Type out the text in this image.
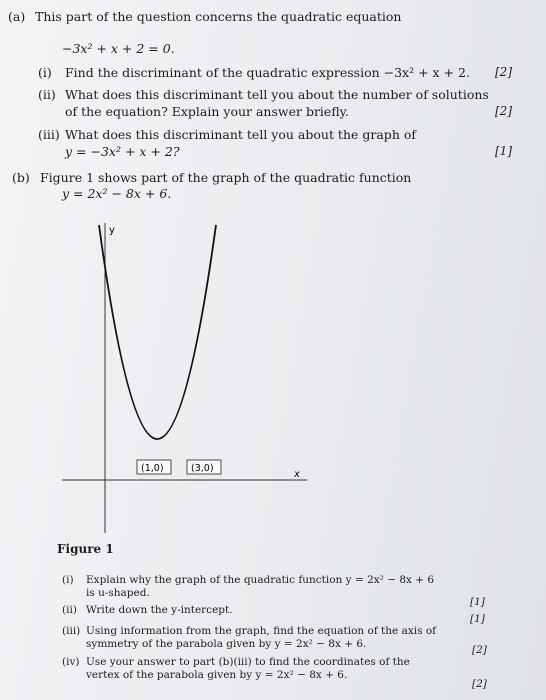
(a) This part of the question concerns the quadratic equation
−3x² + x + 2 = 0.
(i) Find the discriminant of the quadratic expression −3x² + x + 2. [2]
(ii) What does this discriminant tell you about the number of solutions
of the equation? Explain your answer briefly.	[2]
(iii) What does this discriminant tell you about the graph of
y = −3x² + x + 2?	[1]
(b) Figure 1 shows part of the graph of the quadratic function
y = 2x² − 8x + 6.
y
x
(1,0)	(3,0)
Figure 1
(i) Explain why the graph of the quadratic function y = 2x² − 8x + 6
is u-shaped.
[1]
(ii) Write down the y-intercept.
[1]
(iii) Using information from the graph, find the equation of the axis of
symmetry of the parabola given by y = 2x² − 8x + 6.	[2]
(iv) Use your answer to part (b)(iii) to find the coordinates of the
vertex of the parabola given by y = 2x² − 8x + 6.
[2]
